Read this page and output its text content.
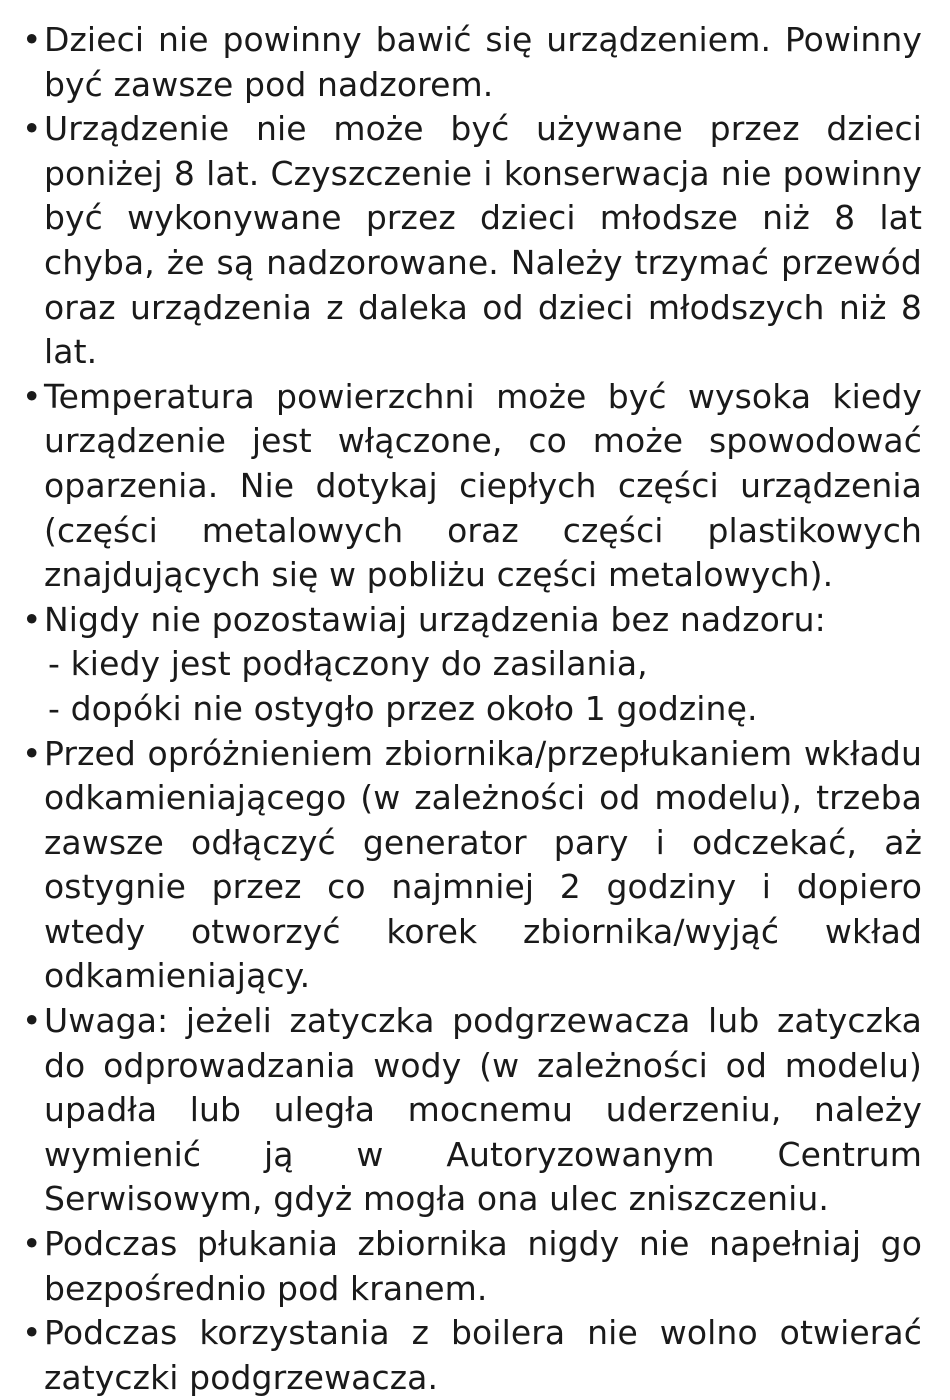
• Dzieci nie powinny bawić się urządzeniem. Powinny być zawsze pod nadzorem.
• Urządzenie nie może być używane przez dzieci poniżej 8 lat. Czyszczenie i konserwacja nie powinny być wykonywane przez dzieci młodsze niż 8 lat chyba, że są nadzorowane. Należy trzymać przewód oraz urządzenia z daleka od dzieci młodszych niż 8 lat.
• Temperatura powierzchni może być wysoka kiedy urządzenie jest włączone, co może spowodować oparzenia. Nie dotykaj ciepłych części urządzenia (części metalowych oraz części plastikowych znajdujących się w pobliżu części metalowych).
• Nigdy nie pozostawiaj urządzenia bez nadzoru:
- kiedy jest podłączony do zasilania,
- dopóki nie ostygło przez około 1 godzinę.
• Przed opróżnieniem zbiornika/przepłukaniem wkładu odkamieniającego (w zależności od modelu), trzeba zawsze odłączyć generator pary i odczekać, aż ostygnie przez co najmniej 2 godziny i dopiero wtedy otworzyć korek zbiornika/wyjąć wkład odkamieniający.
• Uwaga: jeżeli zatyczka podgrzewacza lub zatyczka do odprowadzania wody (w zależności od modelu) upadła lub uległa mocnemu uderzeniu, należy wymienić ją w Autoryzowanym Centrum Serwisowym, gdyż mogła ona ulec zniszczeniu.
• Podczas płukania zbiornika nigdy nie napełniaj go bezpośrednio pod kranem.
• Podczas korzystania z boilera nie wolno otwierać zatyczki podgrzewacza.
